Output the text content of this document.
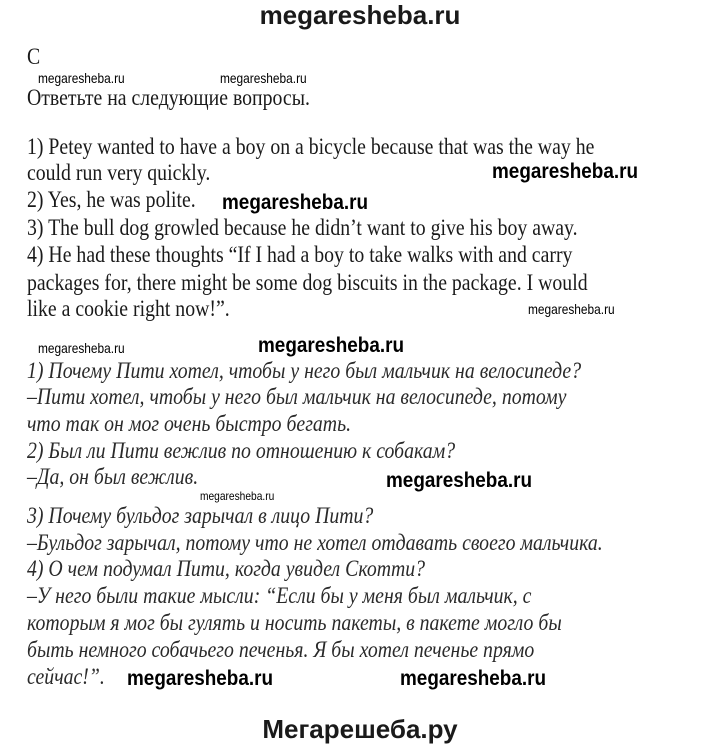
megaresheba.ru
C
Ответьте на следующие вопросы.
1) Petey wanted to have a boy on a bicycle because that was the way he
could run very quickly.
2) Yes, he was polite.
3) The bull dog growled because he didn’t want to give his boy away.
4) He had these thoughts “If I had a boy to take walks with and carry
packages for, there might be some dog biscuits in the package. I would
like a cookie right now!”.
1) Почему Пити хотел, чтобы у него был мальчик на велосипеде?
–Пити хотел, чтобы у него был мальчик на велосипеде, потому
что так он мог очень быстро бегать.
2) Был ли Пити вежлив по отношению к собакам?
–Да, он был вежлив.
3) Почему бульдог зарычал в лицо Пити?
–Бульдог зарычал, потому что не хотел отдавать своего мальчика.
4) О чем подумал Пити, когда увидел Скотти?
–У него были такие мысли: “Если бы у меня был мальчик, с
которым я мог бы гулять и носить пакеты, в пакете могло бы
быть немного собачьего печенья. Я бы хотел печенье прямо
сейчас!”.
megaresheba.ru	megaresheba.ru
megaresheba.ru
megaresheba.ru
megaresheba.ru
megaresheba.ru	megaresheba.ru
megaresheba.ru
megaresheba.ru
megaresheba.ru	megaresheba.ru
Мегарешеба.ру
